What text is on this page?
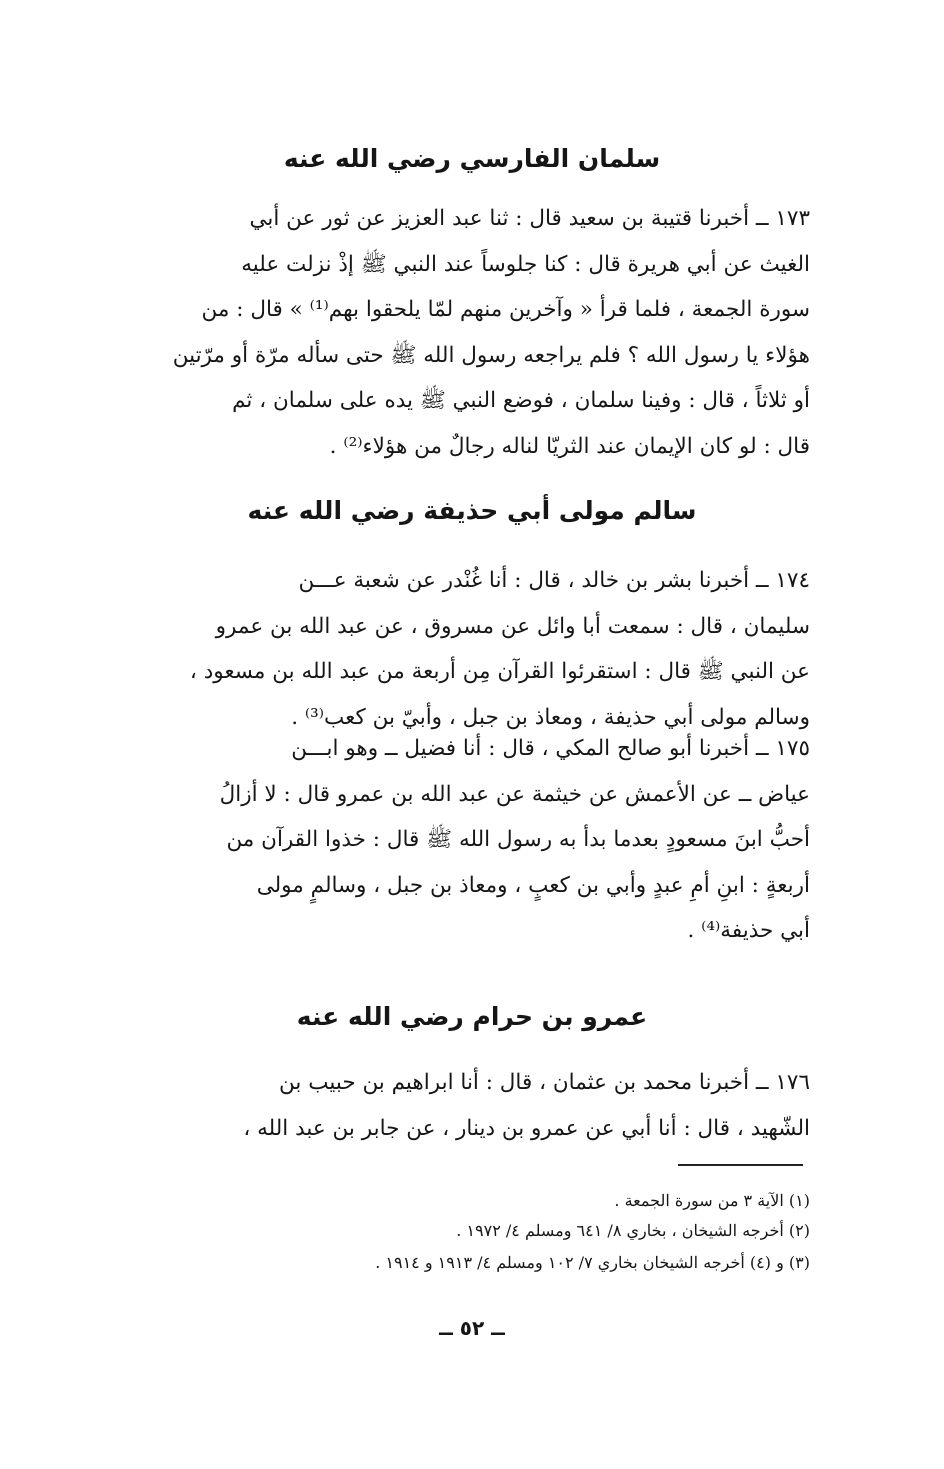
سلمان الفارسي رضي الله عنه
١٧٣ ــ أخبرنا قتيبة بن سعيد قال : ثنا عبد العزيز عن ثور عن أبي
الغيث عن أبي هريرة قال : كنا جلوساً عند النبي ﷺ إذْ نزلت عليه
سورة الجمعة ، فلما قرأ « وآخرين منهم لمّا يلحقوا بهم⁽¹⁾ » قال : من
هؤلاء يا رسول الله ؟ فلم يراجعه رسول الله ﷺ حتى سأله مرّة أو مرّتين
أو ثلاثاً ، قال : وفينا سلمان ، فوضع النبي ﷺ يده على سلمان ، ثم
قال : لو كان الإيمان عند الثريّا لناله رجالٌ من هؤلاء⁽²⁾ .
سالم مولى أبي حذيفة رضي الله عنه
١٧٤ ــ أخبرنا بشر بن خالد ، قال : أنا غُنْدر عن شعبة عـــن
سليمان ، قال : سمعت أبا وائل عن مسروق ، عن عبد الله بن عمرو
عن النبي ﷺ قال : استقرئوا القرآن مِن أربعة من عبد الله بن مسعود ،
وسالم مولى أبي حذيفة ، ومعاذ بن جبل ، وأبيّ بن كعب⁽³⁾ .
١٧٥ ــ أخبرنا أبو صالح المكي ، قال : أنا فضيل ــ وهو ابـــن
عياض ــ عن الأعمش عن خيثمة عن عبد الله بن عمرو قال : لا أزالُ
أحبُّ ابنَ مسعودٍ بعدما بدأ به رسول الله ﷺ قال : خذوا القرآن من
أربعةٍ : ابنِ أمِ عبدٍ وأبي بن كعبٍ ، ومعاذ بن جبل ، وسالمٍ مولى
أبي حذيفة⁽⁴⁾ .
عمرو بن حرام رضي الله عنه
١٧٦ ــ أخبرنا محمد بن عثمان ، قال : أنا ابراهيم بن حبيب بن
الشّهيد ، قال : أنا أبي عن عمرو بن دينار ، عن جابر بن عبد الله ،
(١) الآية ٣ من سورة الجمعة .
(٢) أخرجه الشيخان ، بخاري ٨/ ٦٤١ ومسلم ٤/ ١٩٧٢ .
(٣) و (٤) أخرجه الشيخان بخاري ٧/ ١٠٢ ومسلم ٤/ ١٩١٣ و ١٩١٤ .
ــ ٥٢ ــ
